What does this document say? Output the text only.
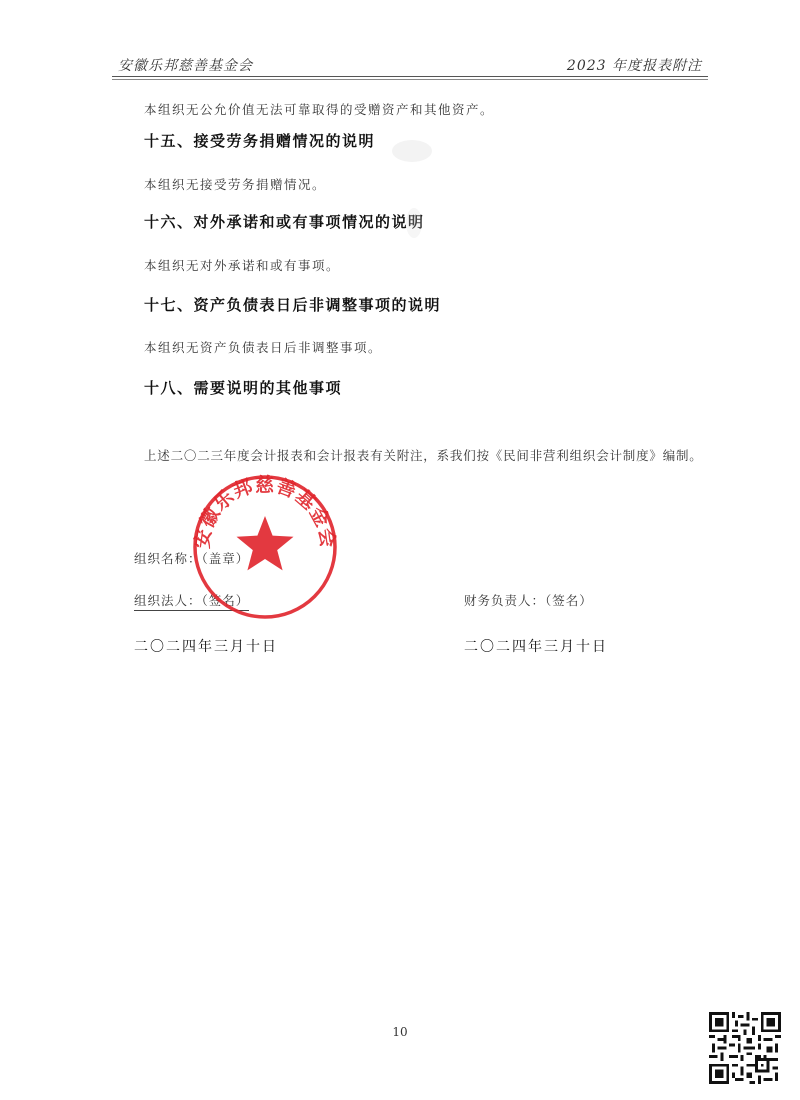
安徽乐邦慈善基金会	2023 年度报表附注
本组织无公允价值无法可靠取得的受赠资产和其他资产。
十五、接受劳务捐赠情况的说明
本组织无接受劳务捐赠情况。
十六、对外承诺和或有事项情况的说明
本组织无对外承诺和或有事项。
十七、资产负债表日后非调整事项的说明
本组织无资产负债表日后非调整事项。
十八、需要说明的其他事项
上述二〇二三年度会计报表和会计报表有关附注，系我们按《民间非营利组织会计制度》编制。
组织名称：（盖章）
组织法人：（签名）	财务负责人：（签名）
二〇二四年三月十日	二〇二四年三月十日
安徽乐邦慈善基金会
10
